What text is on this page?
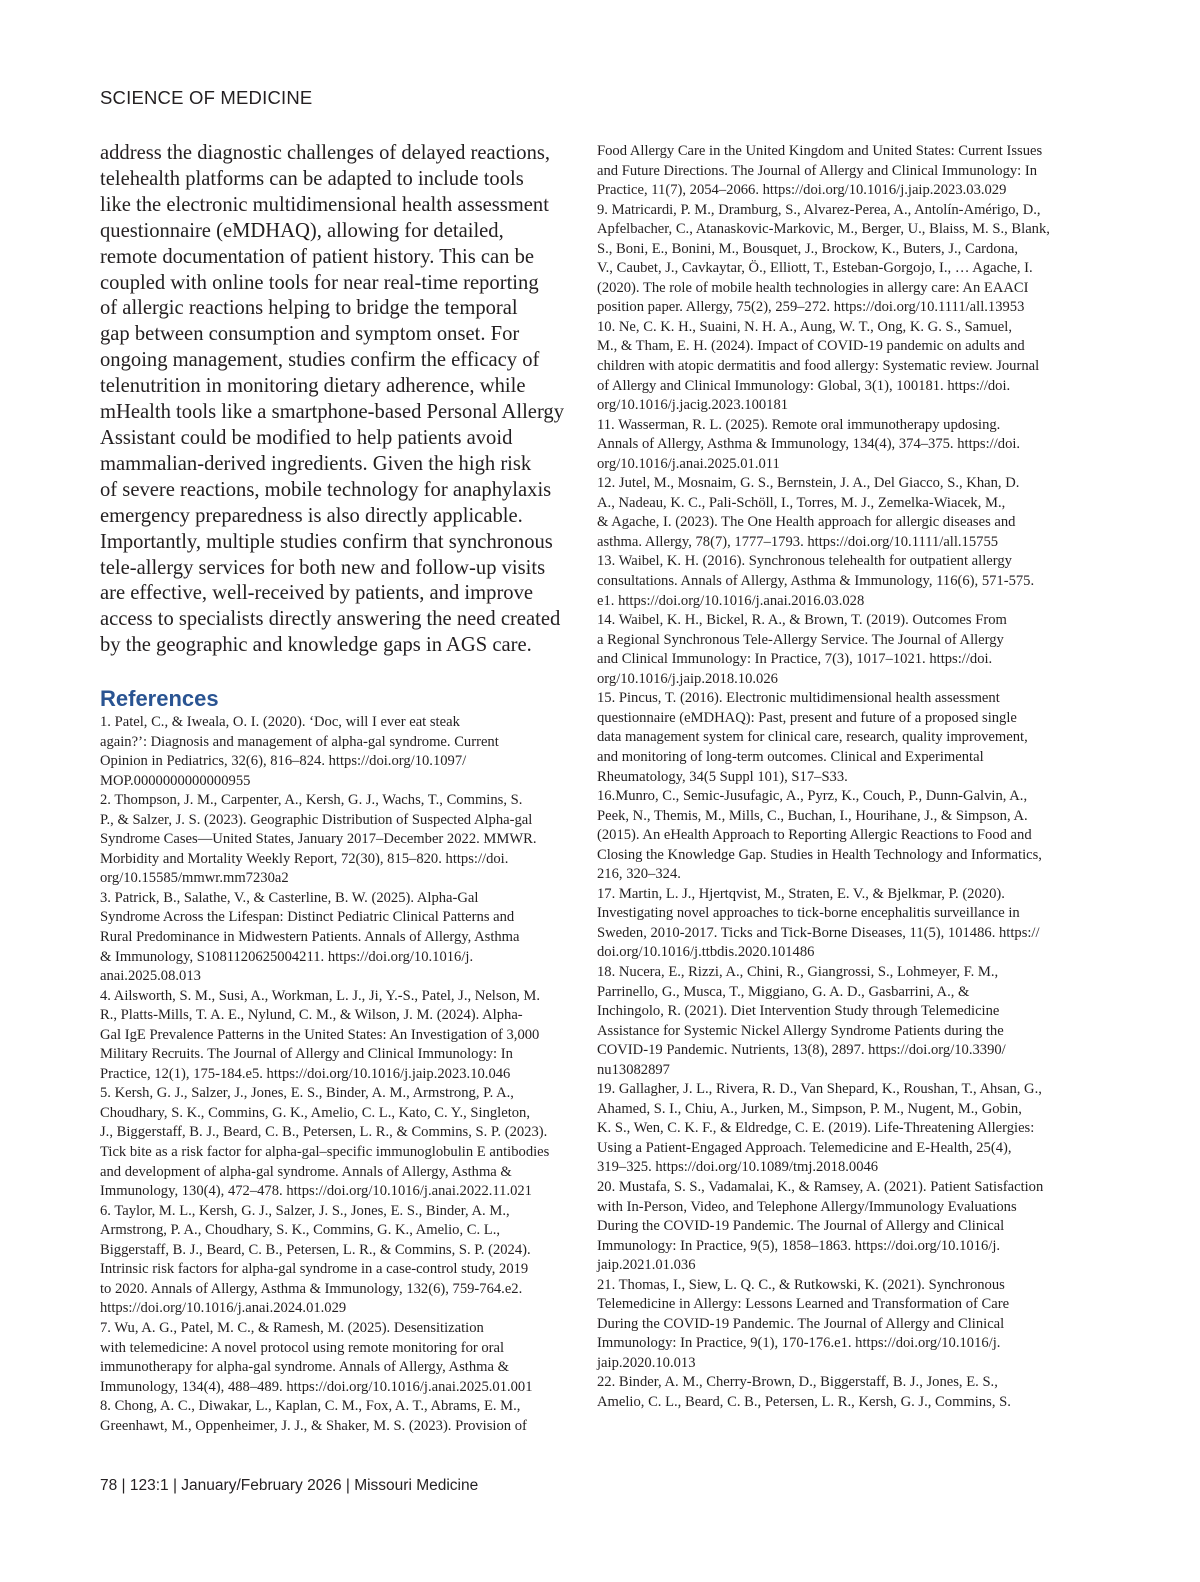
SCIENCE OF MEDICINE
address the diagnostic challenges of delayed reactions,
telehealth platforms can be adapted to include tools
like the electronic multidimensional health assessment
questionnaire (eMDHAQ), allowing for detailed,
remote documentation of patient history. This can be
coupled with online tools for near real-time reporting
of allergic reactions helping to bridge the temporal
gap between consumption and symptom onset. For
ongoing management, studies confirm the efficacy of
telenutrition in monitoring dietary adherence, while
mHealth tools like a smartphone-based Personal Allergy
Assistant could be modified to help patients avoid
mammalian-derived ingredients. Given the high risk
of severe reactions, mobile technology for anaphylaxis
emergency preparedness is also directly applicable.
Importantly, multiple studies confirm that synchronous
tele-allergy services for both new and follow-up visits
are effective, well-received by patients, and improve
access to specialists directly answering the need created
by the geographic and knowledge gaps in AGS care.
References
1. Patel, C., & Iweala, O. I. (2020). ‘Doc, will I ever eat steak
again?’: Diagnosis and management of alpha-gal syndrome. Current
Opinion in Pediatrics, 32(6), 816–824. https://doi.org/10.1097/
MOP.0000000000000955
2. Thompson, J. M., Carpenter, A., Kersh, G. J., Wachs, T., Commins, S.
P., & Salzer, J. S. (2023). Geographic Distribution of Suspected Alpha-gal
Syndrome Cases—United States, January 2017–December 2022. MMWR.
Morbidity and Mortality Weekly Report, 72(30), 815–820. https://doi.
org/10.15585/mmwr.mm7230a2
3. Patrick, B., Salathe, V., & Casterline, B. W. (2025). Alpha-Gal
Syndrome Across the Lifespan: Distinct Pediatric Clinical Patterns and
Rural Predominance in Midwestern Patients. Annals of Allergy, Asthma
& Immunology, S1081120625004211. https://doi.org/10.1016/j.
anai.2025.08.013
4. Ailsworth, S. M., Susi, A., Workman, L. J., Ji, Y.-S., Patel, J., Nelson, M.
R., Platts-Mills, T. A. E., Nylund, C. M., & Wilson, J. M. (2024). Alpha-
Gal IgE Prevalence Patterns in the United States: An Investigation of 3,000
Military Recruits. The Journal of Allergy and Clinical Immunology: In
Practice, 12(1), 175-184.e5. https://doi.org/10.1016/j.jaip.2023.10.046
5. Kersh, G. J., Salzer, J., Jones, E. S., Binder, A. M., Armstrong, P. A.,
Choudhary, S. K., Commins, G. K., Amelio, C. L., Kato, C. Y., Singleton,
J., Biggerstaff, B. J., Beard, C. B., Petersen, L. R., & Commins, S. P. (2023).
Tick bite as a risk factor for alpha-gal–specific immunoglobulin E antibodies
and development of alpha-gal syndrome. Annals of Allergy, Asthma &
Immunology, 130(4), 472–478. https://doi.org/10.1016/j.anai.2022.11.021
6. Taylor, M. L., Kersh, G. J., Salzer, J. S., Jones, E. S., Binder, A. M.,
Armstrong, P. A., Choudhary, S. K., Commins, G. K., Amelio, C. L.,
Biggerstaff, B. J., Beard, C. B., Petersen, L. R., & Commins, S. P. (2024).
Intrinsic risk factors for alpha-gal syndrome in a case-control study, 2019
to 2020. Annals of Allergy, Asthma & Immunology, 132(6), 759-764.e2.
https://doi.org/10.1016/j.anai.2024.01.029
7. Wu, A. G., Patel, M. C., & Ramesh, M. (2025). Desensitization
with telemedicine: A novel protocol using remote monitoring for oral
immunotherapy for alpha-gal syndrome. Annals of Allergy, Asthma &
Immunology, 134(4), 488–489. https://doi.org/10.1016/j.anai.2025.01.001
8. Chong, A. C., Diwakar, L., Kaplan, C. M., Fox, A. T., Abrams, E. M.,
Greenhawt, M., Oppenheimer, J. J., & Shaker, M. S. (2023). Provision of
Food Allergy Care in the United Kingdom and United States: Current Issues
and Future Directions. The Journal of Allergy and Clinical Immunology: In
Practice, 11(7), 2054–2066. https://doi.org/10.1016/j.jaip.2023.03.029
9. Matricardi, P. M., Dramburg, S., Alvarez-Perea, A., Antolín-Amérigo, D.,
Apfelbacher, C., Atanaskovic-Markovic, M., Berger, U., Blaiss, M. S., Blank,
S., Boni, E., Bonini, M., Bousquet, J., Brockow, K., Buters, J., Cardona,
V., Caubet, J., Cavkaytar, Ö., Elliott, T., Esteban-Gorgojo, I., … Agache, I.
(2020). The role of mobile health technologies in allergy care: An EAACI
position paper. Allergy, 75(2), 259–272. https://doi.org/10.1111/all.13953
10. Ne, C. K. H., Suaini, N. H. A., Aung, W. T., Ong, K. G. S., Samuel,
M., & Tham, E. H. (2024). Impact of COVID-19 pandemic on adults and
children with atopic dermatitis and food allergy: Systematic review. Journal
of Allergy and Clinical Immunology: Global, 3(1), 100181. https://doi.
org/10.1016/j.jacig.2023.100181
11. Wasserman, R. L. (2025). Remote oral immunotherapy updosing.
Annals of Allergy, Asthma & Immunology, 134(4), 374–375. https://doi.
org/10.1016/j.anai.2025.01.011
12. Jutel, M., Mosnaim, G. S., Bernstein, J. A., Del Giacco, S., Khan, D.
A., Nadeau, K. C., Pali-Schöll, I., Torres, M. J., Zemelka-Wiacek, M.,
& Agache, I. (2023). The One Health approach for allergic diseases and
asthma. Allergy, 78(7), 1777–1793. https://doi.org/10.1111/all.15755
13. Waibel, K. H. (2016). Synchronous telehealth for outpatient allergy
consultations. Annals of Allergy, Asthma & Immunology, 116(6), 571-575.
e1. https://doi.org/10.1016/j.anai.2016.03.028
14. Waibel, K. H., Bickel, R. A., & Brown, T. (2019). Outcomes From
a Regional Synchronous Tele-Allergy Service. The Journal of Allergy
and Clinical Immunology: In Practice, 7(3), 1017–1021. https://doi.
org/10.1016/j.jaip.2018.10.026
15. Pincus, T. (2016). Electronic multidimensional health assessment
questionnaire (eMDHAQ): Past, present and future of a proposed single
data management system for clinical care, research, quality improvement,
and monitoring of long-term outcomes. Clinical and Experimental
Rheumatology, 34(5 Suppl 101), S17–S33.
16.Munro, C., Semic-Jusufagic, A., Pyrz, K., Couch, P., Dunn-Galvin, A.,
Peek, N., Themis, M., Mills, C., Buchan, I., Hourihane, J., & Simpson, A.
(2015). An eHealth Approach to Reporting Allergic Reactions to Food and
Closing the Knowledge Gap. Studies in Health Technology and Informatics,
216, 320–324.
17. Martin, L. J., Hjertqvist, M., Straten, E. V., & Bjelkmar, P. (2020).
Investigating novel approaches to tick-borne encephalitis surveillance in
Sweden, 2010-2017. Ticks and Tick-Borne Diseases, 11(5), 101486. https://
doi.org/10.1016/j.ttbdis.2020.101486
18. Nucera, E., Rizzi, A., Chini, R., Giangrossi, S., Lohmeyer, F. M.,
Parrinello, G., Musca, T., Miggiano, G. A. D., Gasbarrini, A., &
Inchingolo, R. (2021). Diet Intervention Study through Telemedicine
Assistance for Systemic Nickel Allergy Syndrome Patients during the
COVID-19 Pandemic. Nutrients, 13(8), 2897. https://doi.org/10.3390/
nu13082897
19. Gallagher, J. L., Rivera, R. D., Van Shepard, K., Roushan, T., Ahsan, G.,
Ahamed, S. I., Chiu, A., Jurken, M., Simpson, P. M., Nugent, M., Gobin,
K. S., Wen, C. K. F., & Eldredge, C. E. (2019). Life-Threatening Allergies:
Using a Patient-Engaged Approach. Telemedicine and E-Health, 25(4),
319–325. https://doi.org/10.1089/tmj.2018.0046
20. Mustafa, S. S., Vadamalai, K., & Ramsey, A. (2021). Patient Satisfaction
with In-Person, Video, and Telephone Allergy/Immunology Evaluations
During the COVID-19 Pandemic. The Journal of Allergy and Clinical
Immunology: In Practice, 9(5), 1858–1863. https://doi.org/10.1016/j.
jaip.2021.01.036
21. Thomas, I., Siew, L. Q. C., & Rutkowski, K. (2021). Synchronous
Telemedicine in Allergy: Lessons Learned and Transformation of Care
During the COVID-19 Pandemic. The Journal of Allergy and Clinical
Immunology: In Practice, 9(1), 170-176.e1. https://doi.org/10.1016/j.
jaip.2020.10.013
22. Binder, A. M., Cherry-Brown, D., Biggerstaff, B. J., Jones, E. S.,
Amelio, C. L., Beard, C. B., Petersen, L. R., Kersh, G. J., Commins, S.
78 | 123:1 | January/February 2026 | Missouri Medicine
